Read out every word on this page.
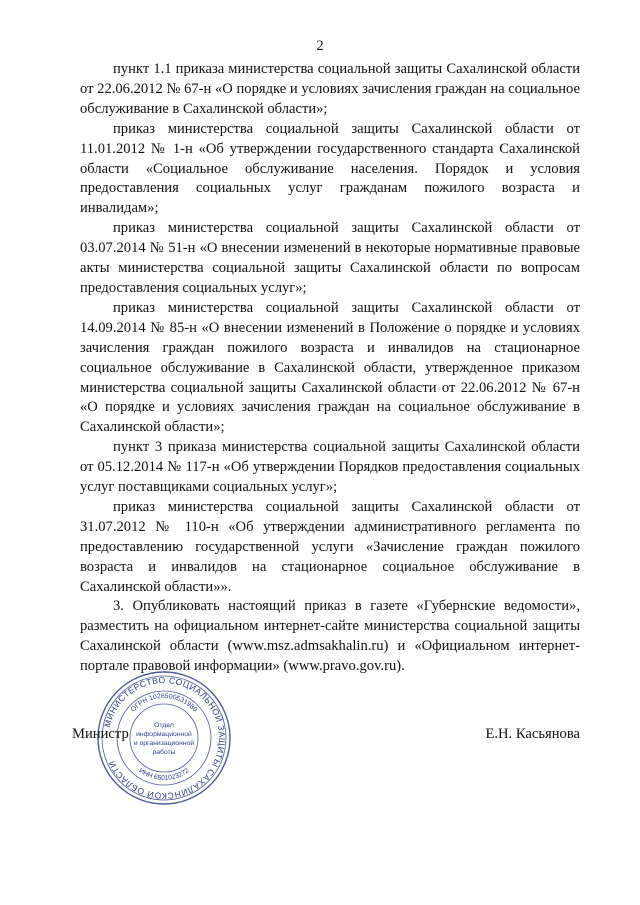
2

пункт 1.1 приказа министерства социальной защиты Сахалинской области от 22.06.2012 № 67-н «О порядке и условиях зачисления граждан на социальное обслуживание в Сахалинской области»;

приказ министерства социальной защиты Сахалинской области от 11.01.2012 № 1-н «Об утверждении государственного стандарта Сахалинской области «Социальное обслуживание населения. Порядок и условия предоставления социальных услуг гражданам пожилого возраста и инвалидам»;

приказ министерства социальной защиты Сахалинской области от 03.07.2014 № 51-н «О внесении изменений в некоторые нормативные правовые акты министерства социальной защиты Сахалинской области по вопросам предоставления социальных услуг»;

приказ министерства социальной защиты Сахалинской области от 14.09.2014 № 85-н «О внесении изменений в Положение о порядке и условиях зачисления граждан пожилого возраста и инвалидов на стационарное социальное обслуживание в Сахалинской области, утвержденное приказом министерства социальной защиты Сахалинской области от 22.06.2012 № 67-н «О порядке и условиях зачисления граждан на социальное обслуживание в Сахалинской области»;

пункт 3 приказа министерства социальной защиты Сахалинской области от 05.12.2014 № 117-н «Об утверждении Порядков предоставления социальных услуг поставщиками социальных услуг»;

приказ министерства социальной защиты Сахалинской области от 31.07.2012 № 110-н «Об утверждении административного регламента по предоставлению государственной услуги «Зачисление граждан пожилого возраста и инвалидов на стационарное социальное обслуживание в Сахалинской области»».

3. Опубликовать настоящий приказ в газете «Губернские ведомости», разместить на официальном интернет-сайте министерства социальной защиты Сахалинской области (www.msz.admsakhalin.ru) и «Официальном интернет-портале правовой информации» (www.pravo.gov.ru).

МИНИСТЕРСТВО СОЦИАЛЬНОЙ ЗАЩИТЫ САХАЛИНСКОЙ ОБЛАСТИ
ОГРН 1026500531980
ИНН 6501023272
Отдел
информационной
и организационной
работы
Министр	Е.Н. Касьянова
